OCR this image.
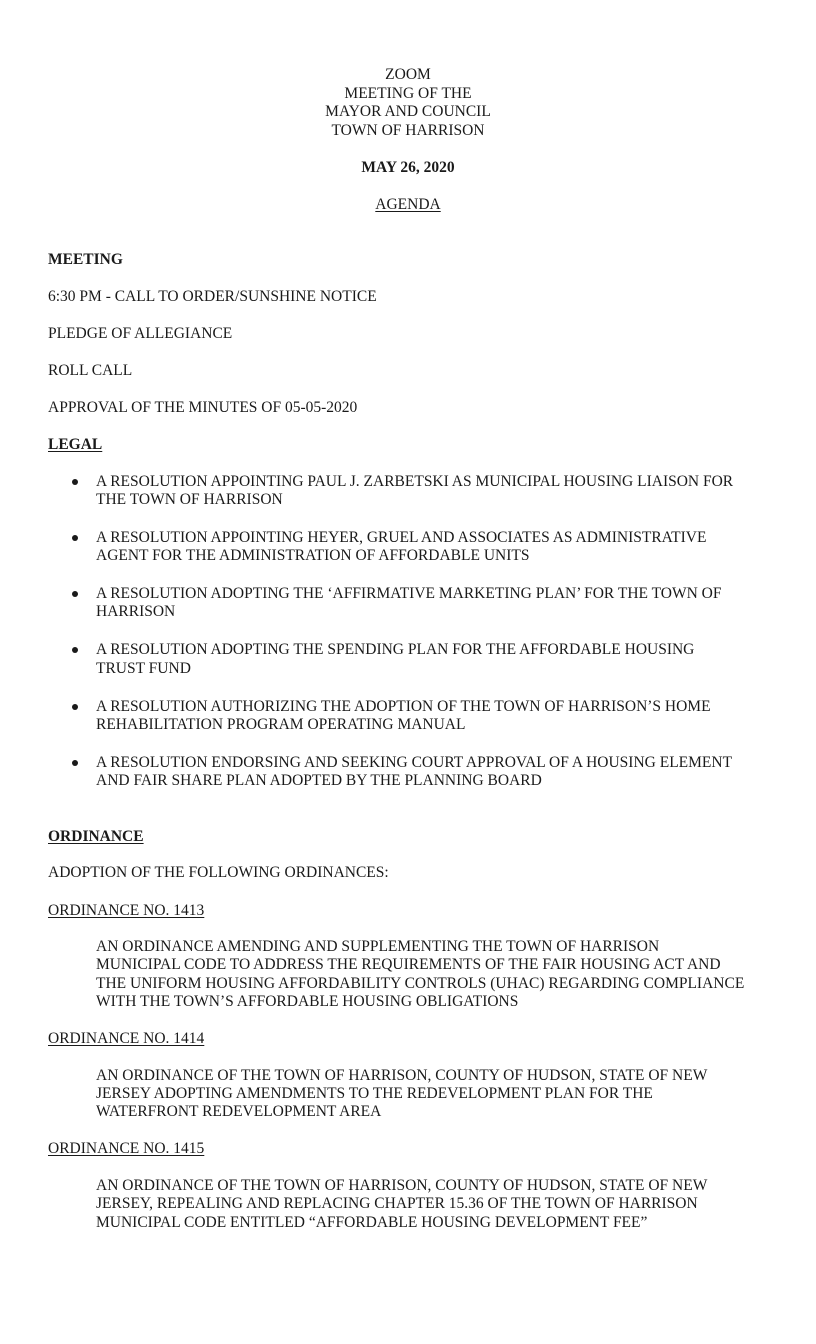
ZOOM
MEETING OF THE
MAYOR AND COUNCIL
TOWN OF HARRISON
MAY 26, 2020
AGENDA
MEETING
6:30 PM - CALL TO ORDER/SUNSHINE NOTICE
PLEDGE OF ALLEGIANCE
ROLL CALL
APPROVAL OF THE MINUTES OF 05-05-2020
LEGAL
A RESOLUTION APPOINTING PAUL J. ZARBETSKI AS MUNICIPAL HOUSING LIAISON FOR
THE TOWN OF HARRISON
A RESOLUTION APPOINTING HEYER, GRUEL AND ASSOCIATES AS ADMINISTRATIVE
AGENT FOR THE ADMINISTRATION OF AFFORDABLE UNITS
A RESOLUTION ADOPTING THE ‘AFFIRMATIVE MARKETING PLAN’ FOR THE TOWN OF
HARRISON
A RESOLUTION ADOPTING THE SPENDING PLAN FOR THE AFFORDABLE HOUSING
TRUST FUND
A RESOLUTION AUTHORIZING THE ADOPTION OF THE TOWN OF HARRISON’S HOME
REHABILITATION PROGRAM OPERATING MANUAL
A RESOLUTION ENDORSING AND SEEKING COURT APPROVAL OF A HOUSING ELEMENT
AND FAIR SHARE PLAN ADOPTED BY THE PLANNING BOARD
ORDINANCE
ADOPTION OF THE FOLLOWING ORDINANCES:
ORDINANCE NO. 1413
AN ORDINANCE AMENDING AND SUPPLEMENTING THE TOWN OF HARRISON
MUNICIPAL CODE TO ADDRESS THE REQUIREMENTS OF THE FAIR HOUSING ACT AND
THE UNIFORM HOUSING AFFORDABILITY CONTROLS (UHAC) REGARDING COMPLIANCE
WITH THE TOWN’S AFFORDABLE HOUSING OBLIGATIONS
ORDINANCE NO. 1414
AN ORDINANCE OF THE TOWN OF HARRISON, COUNTY OF HUDSON, STATE OF NEW
JERSEY ADOPTING AMENDMENTS TO THE REDEVELOPMENT PLAN FOR THE
WATERFRONT REDEVELOPMENT AREA
ORDINANCE NO. 1415
AN ORDINANCE OF THE TOWN OF HARRISON, COUNTY OF HUDSON, STATE OF NEW
JERSEY, REPEALING AND REPLACING CHAPTER 15.36 OF THE TOWN OF HARRISON
MUNICIPAL CODE ENTITLED “AFFORDABLE HOUSING DEVELOPMENT FEE”
